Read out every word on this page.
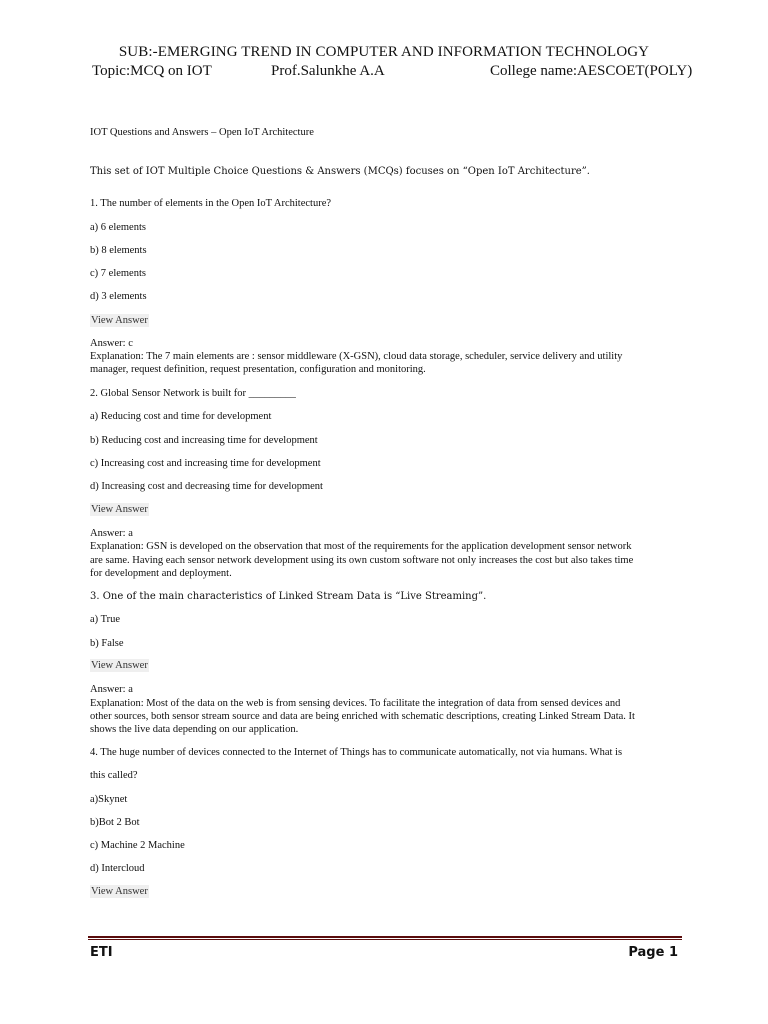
SUB:-EMERGING TREND IN COMPUTER AND INFORMATION TECHNOLOGY
Topic:MCQ on IOT	Prof.Salunkhe A.A	College name:AESCOET(POLY)
IOT Questions and Answers – Open IoT Architecture
This set of IOT Multiple Choice Questions & Answers (MCQs) focuses on “Open IoT Architecture”.
1. The number of elements in the Open IoT Architecture?
a) 6 elements
b) 8 elements
c) 7 elements
d) 3 elements
View Answer
Answer: c
Explanation: The 7 main elements are : sensor middleware (X-GSN), cloud data storage, scheduler, service delivery and utility
manager, request definition, request presentation, configuration and monitoring.
2. Global Sensor Network is built for _________
a) Reducing cost and time for development
b) Reducing cost and increasing time for development
c) Increasing cost and increasing time for development
d) Increasing cost and decreasing time for development
View Answer
Answer: a
Explanation: GSN is developed on the observation that most of the requirements for the application development sensor network
are same. Having each sensor network development using its own custom software not only increases the cost but also takes time
for development and deployment.
3. One of the main characteristics of Linked Stream Data is “Live Streaming”.
a) True
b) False
View Answer
Answer: a
Explanation: Most of the data on the web is from sensing devices. To facilitate the integration of data from sensed devices and
other sources, both sensor stream source and data are being enriched with schematic descriptions, creating Linked Stream Data. It
shows the live data depending on our application.
4. The huge number of devices connected to the Internet of Things has to communicate automatically, not via humans. What is
this called?
a)Skynet
b)Bot 2 Bot
c) Machine 2 Machine
d) Intercloud
View Answer
ETI	Page 1
